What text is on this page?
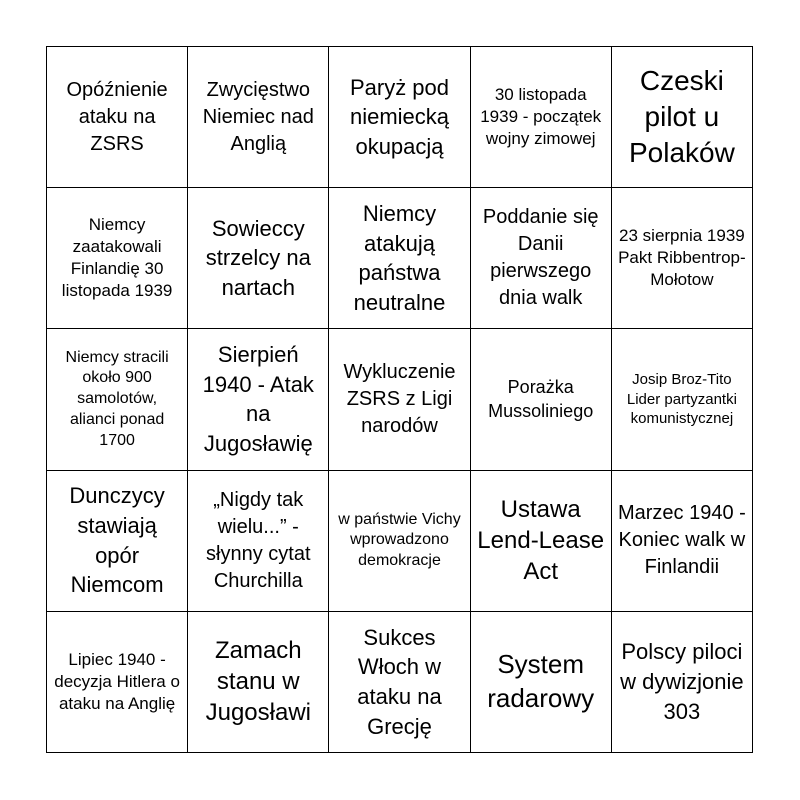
Opóźnienie ataku na ZSRS
Zwycięstwo Niemiec nad Anglią
Paryż pod niemiecką okupacją
30 listopada 1939 - początek wojny zimowej
Czeski pilot u Polaków
Niemcy zaatakowali Finlandię 30 listopada 1939
Sowieccy strzelcy na nartach
Niemcy atakują państwa neutralne
Poddanie się Danii pierwszego dnia walk
23 sierpnia 1939 Pakt Ribbentrop-Mołotow
Niemcy stracili około 900 samolotów, alianci ponad 1700
Sierpień 1940 - Atak na Jugosławię
Wykluczenie ZSRS z Ligi narodów
Porażka Mussoliniego
Josip Broz-Tito Lider partyzantki komunistycznej
Dunczycy stawiają opór Niemcom
„Nigdy tak wielu...” - słynny cytat Churchilla
w państwie Vichy wprowadzono demokracje
Ustawa Lend-Lease Act
Marzec 1940 - Koniec walk w Finlandii
Lipiec 1940 - decyzja Hitlera o ataku na Anglię
Zamach stanu w Jugosławi
Sukces Włoch w ataku na Grecję
System radarowy
Polscy piloci w dywizjonie 303
